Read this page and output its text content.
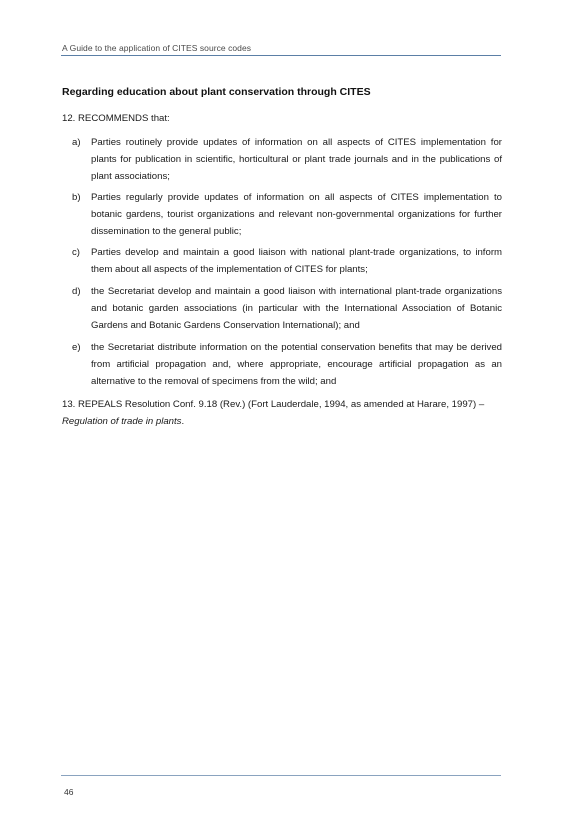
A Guide to the application of CITES source codes
Regarding education about plant conservation through CITES
12. RECOMMENDS that:
a) Parties routinely provide updates of information on all aspects of CITES implementation for plants for publication in scientific, horticultural or plant trade journals and in the publications of plant associations;
b) Parties regularly provide updates of information on all aspects of CITES implementation to botanic gardens, tourist organizations and relevant non-governmental organizations for further dissemination to the general public;
c) Parties develop and maintain a good liaison with national plant-trade organizations, to inform them about all aspects of the implementation of CITES for plants;
d) the Secretariat develop and maintain a good liaison with international plant-trade organizations and botanic garden associations (in particular with the International Association of Botanic Gardens and Botanic Gardens Conservation International); and
e) the Secretariat distribute information on the potential conservation benefits that may be derived from artificial propagation and, where appropriate, encourage artificial propagation as an alternative to the removal of specimens from the wild; and
13. REPEALS Resolution Conf. 9.18 (Rev.) (Fort Lauderdale, 1994, as amended at Harare, 1997) –
Regulation of trade in plants.
46
